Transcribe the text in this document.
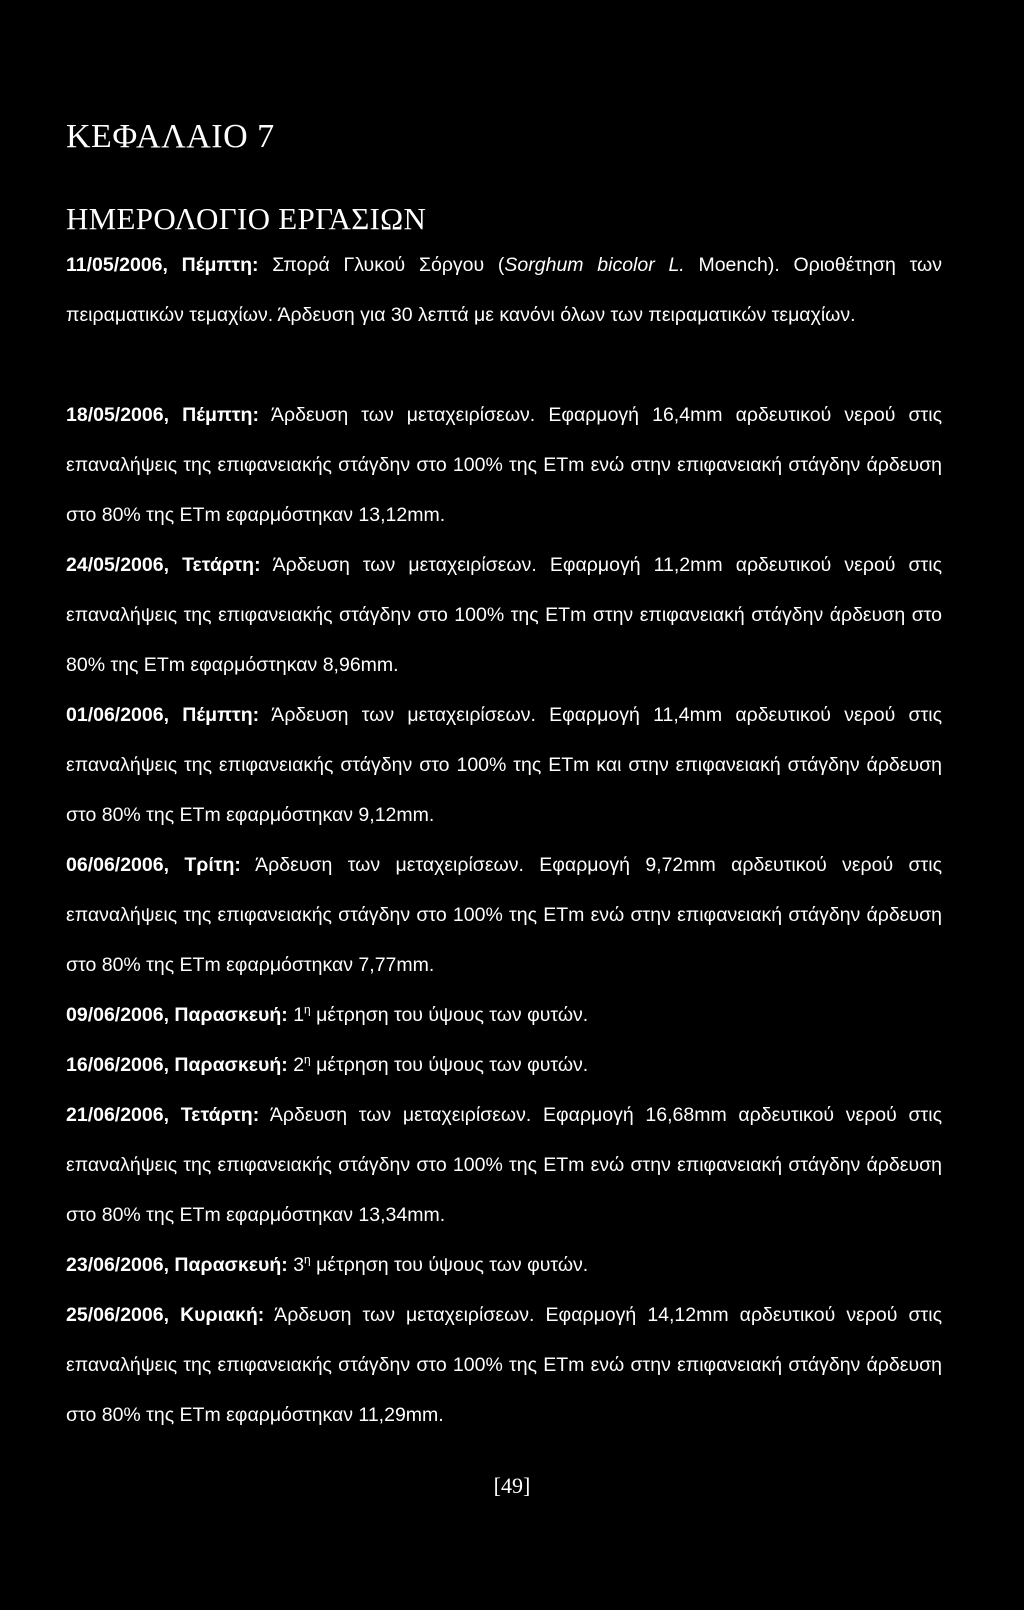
ΚΕΦΑΛΑΙΟ 7
ΗΜΕΡΟΛΟΓΙΟ ΕΡΓΑΣΙΩΝ

11/05/2006, Πέμπτη: Σπορά Γλυκού Σόργου (Sorghum bicolor L. Moench). Οριοθέτηση των πειραματικών τεμαχίων. Άρδευση για 30 λεπτά με κανόνι όλων των πειραματικών τεμαχίων.

18/05/2006, Πέμπτη: Άρδευση των μεταχειρίσεων. Εφαρμογή 16,4mm αρδευτικού νερού στις επαναλήψεις της επιφανειακής στάγδην στο 100% της ETm ενώ στην επιφανειακή στάγδην άρδευση στο 80% της ETm εφαρμόστηκαν 13,12mm.

24/05/2006, Τετάρτη: Άρδευση των μεταχειρίσεων. Εφαρμογή 11,2mm αρδευτικού νερού στις επαναλήψεις της επιφανειακής στάγδην στο 100% της ETm στην επιφανειακή στάγδην άρδευση στο 80% της ETm εφαρμόστηκαν 8,96mm.

01/06/2006, Πέμπτη: Άρδευση των μεταχειρίσεων. Εφαρμογή 11,4mm αρδευτικού νερού στις επαναλήψεις της επιφανειακής στάγδην στο 100% της ETm και στην επιφανειακή στάγδην άρδευση στο 80% της ETm εφαρμόστηκαν 9,12mm.

06/06/2006, Τρίτη: Άρδευση των μεταχειρίσεων. Εφαρμογή 9,72mm αρδευτικού νερού στις επαναλήψεις της επιφανειακής στάγδην στο 100% της ETm ενώ στην επιφανειακή στάγδην άρδευση στο 80% της ETm εφαρμόστηκαν 7,77mm.

09/06/2006, Παρασκευή: $1^\eta$ μέτρηση του ύψους των φυτών.

16/06/2006, Παρασκευή: $2^\eta$ μέτρηση του ύψους των φυτών.

21/06/2006, Τετάρτη: Άρδευση των μεταχειρίσεων. Εφαρμογή 16,68mm αρδευτικού νερού στις επαναλήψεις της επιφανειακής στάγδην στο 100% της ETm ενώ στην επιφανειακή στάγδην άρδευση στο 80% της ETm εφαρμόστηκαν 13,34mm.

23/06/2006, Παρασκευή: $3^\eta$ μέτρηση του ύψους των φυτών.

25/06/2006, Κυριακή: Άρδευση των μεταχειρίσεων. Εφαρμογή 14,12mm αρδευτικού νερού στις επαναλήψεις της επιφανειακής στάγδην στο 100% της ETm ενώ στην επιφανειακή στάγδην άρδευση στο 80% της ETm εφαρμόστηκαν 11,29mm.

[49]
